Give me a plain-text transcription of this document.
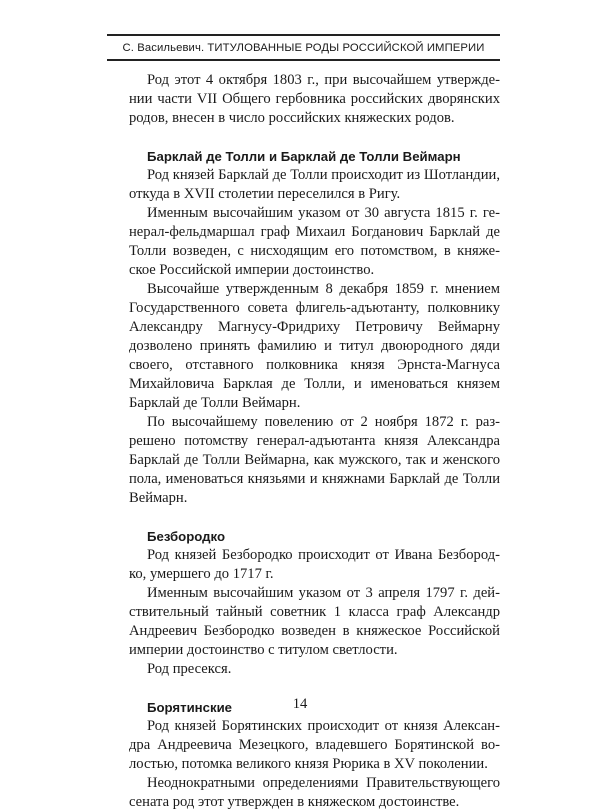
С. Васильевич. ТИТУЛОВАННЫЕ РОДЫ РОССИЙСКОЙ ИМПЕРИИ

Род этот 4 октября 1803 г., при высочайшем утверждении части VII Общего гербовника российских дворянских родов, внесен в число российских княжеских родов.

Барклай де Толли и Барклай де Толли Веймарн

Род князей Барклай де Толли происходит из Шотландии, откуда в XVII столетии переселился в Ригу.

Именным высочайшим указом от 30 августа 1815 г. генерал-фельдмаршал граф Михаил Богданович Барклай де Толли возведен, с нисходящим его потомством, в княжеское Российской империи достоинство.

Высочайше утвержденным 8 декабря 1859 г. мнением Государственного совета флигель-адъютанту, полковнику Александру Магнусу-Фридриху Петровичу Веймарну дозволено принять фамилию и титул двоюродного дяди своего, отставного полковника князя Эрнста-Магнуса Михайловича Барклая де Толли, и именоваться князем Барклай де Толли Веймарн.

По высочайшему повелению от 2 ноября 1872 г. разрешено потомству генерал-адъютанта князя Александра Барклай де Толли Веймарна, как мужского, так и женского пола, именоваться князьями и княжнами Барклай де Толли Веймарн.

Безбородко

Род князей Безбородко происходит от Ивана Безбородко, умершего до 1717 г.

Именным высочайшим указом от 3 апреля 1797 г. действительный тайный советник 1 класса граф Александр Андреевич Безбородко возведен в княжеское Российской империи достоинство с титулом светлости.

Род пресекся.

Борятинские

Род князей Борятинских происходит от князя Александра Андреевича Мезецкого, владевшего Борятинской волостью, потомка великого князя Рюрика в XV поколении.

Неоднократными определениями Правительствующего сената род этот утвержден в княжеском достоинстве.

14
